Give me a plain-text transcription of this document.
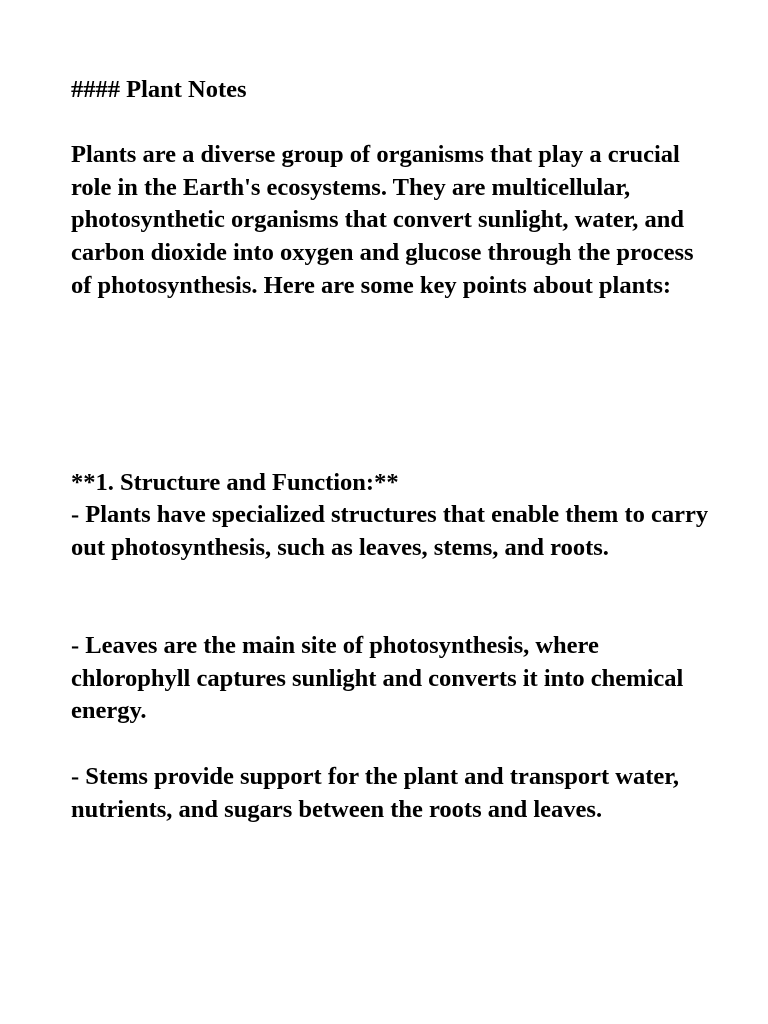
#### Plant Notes

Plants are a diverse group of organisms that play a crucial role in the Earth's ecosystems. They are multicellular, photosynthetic organisms that convert sunlight, water, and carbon dioxide into oxygen and glucose through the process of photosynthesis. Here are some key points about plants:

**1. Structure and Function:**

- Plants have specialized structures that enable them to carry out photosynthesis, such as leaves, stems, and roots.

- Leaves are the main site of photosynthesis, where chlorophyll captures sunlight and converts it into chemical energy.

- Stems provide support for the plant and transport water, nutrients, and sugars between the roots and leaves.
